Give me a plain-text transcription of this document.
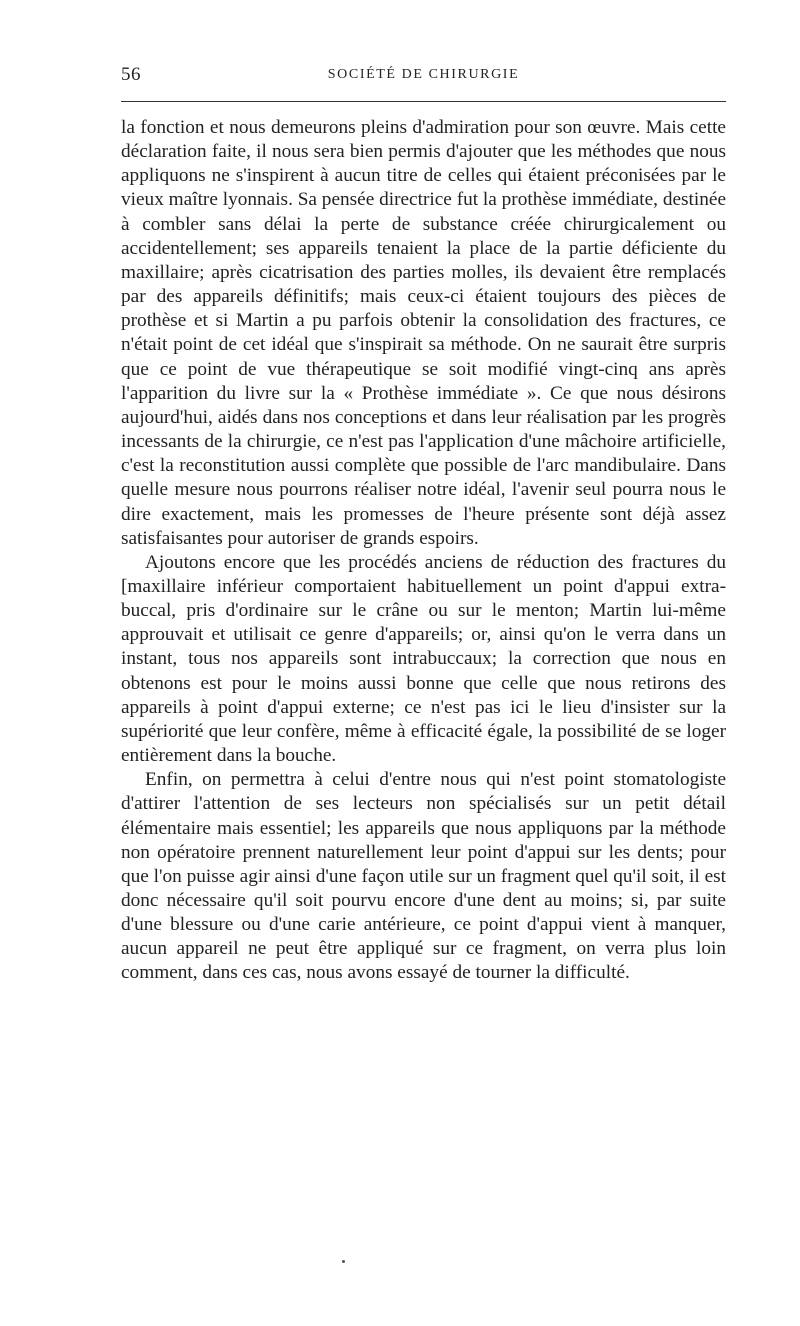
56	SOCIÉTÉ DE CHIRURGIE

la fonction et nous demeurons pleins d'admiration pour son œuvre. Mais cette déclaration faite, il nous sera bien permis d'ajouter que les méthodes que nous appliquons ne s'inspirent à aucun titre de celles qui étaient préconisées par le vieux maître lyonnais. Sa pensée directrice fut la prothèse immédiate, destinée à combler sans délai la perte de substance créée chirurgicalement ou accidentellement; ses appareils tenaient la place de la partie déficiente du maxillaire; après cicatrisation des parties molles, ils devaient être remplacés par des appareils définitifs; mais ceux-ci étaient toujours des pièces de prothèse et si Martin a pu parfois obtenir la consolidation des fractures, ce n'était point de cet idéal que s'inspirait sa méthode. On ne saurait être surpris que ce point de vue thérapeutique se soit modifié vingt-cinq ans après l'apparition du livre sur la « Prothèse immédiate ». Ce que nous désirons aujourd'hui, aidés dans nos conceptions et dans leur réalisation par les progrès incessants de la chirurgie, ce n'est pas l'application d'une mâchoire artificielle, c'est la reconstitution aussi complète que possible de l'arc mandibulaire. Dans quelle mesure nous pourrons réaliser notre idéal, l'avenir seul pourra nous le dire exactement, mais les promesses de l'heure présente sont déjà assez satisfaisantes pour autoriser de grands espoirs.

Ajoutons encore que les procédés anciens de réduction des fractures du [maxillaire inférieur comportaient habituellement un point d'appui extra-buccal, pris d'ordinaire sur le crâne ou sur le menton; Martin lui-même approuvait et utilisait ce genre d'appareils; or, ainsi qu'on le verra dans un instant, tous nos appareils sont intrabuccaux; la correction que nous en obtenons est pour le moins aussi bonne que celle que nous retirons des appareils à point d'appui externe; ce n'est pas ici le lieu d'insister sur la supériorité que leur confère, même à efficacité égale, la possibilité de se loger entièrement dans la bouche.

Enfin, on permettra à celui d'entre nous qui n'est point stomatologiste d'attirer l'attention de ses lecteurs non spécialisés sur un petit détail élémentaire mais essentiel; les appareils que nous appliquons par la méthode non opératoire prennent naturellement leur point d'appui sur les dents; pour que l'on puisse agir ainsi d'une façon utile sur un fragment quel qu'il soit, il est donc nécessaire qu'il soit pourvu encore d'une dent au moins; si, par suite d'une blessure ou d'une carie antérieure, ce point d'appui vient à manquer, aucun appareil ne peut être appliqué sur ce fragment, on verra plus loin comment, dans ces cas, nous avons essayé de tourner la difficulté.
